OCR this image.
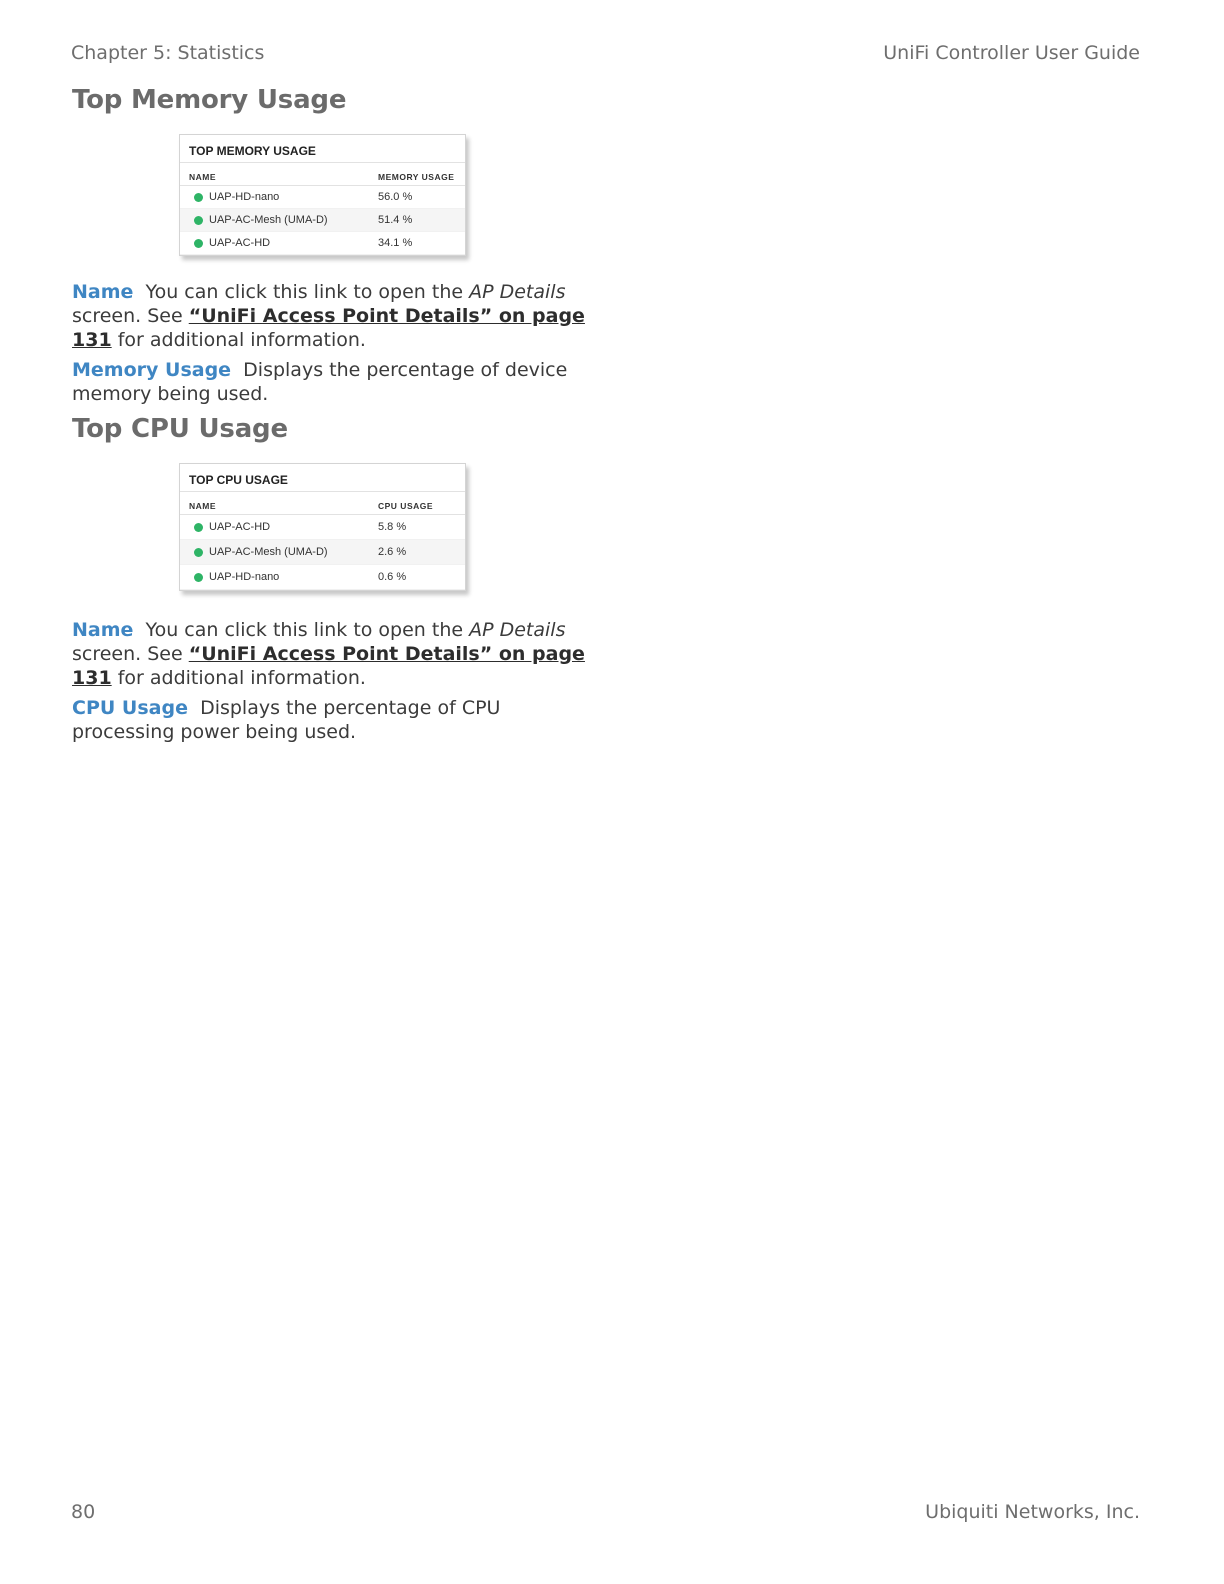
Chapter 5: Statistics	UniFi Controller User Guide
Top Memory Usage
TOP MEMORY USAGE
NAME	MEMORY USAGE
UAP-HD-nano	56.0 %
UAP-AC-Mesh (UMA-D)	51.4 %
UAP-AC-HD	34.1 %

Name You can click this link to open the AP Details screen. See “UniFi Access Point Details” on page 131 for additional information.

Memory Usage Displays the percentage of device memory being used.

Top CPU Usage
TOP CPU USAGE
NAME	CPU USAGE
UAP-AC-HD	5.8 %
UAP-AC-Mesh (UMA-D)	2.6 %
UAP-HD-nano	0.6 %

Name You can click this link to open the AP Details screen. See “UniFi Access Point Details” on page 131 for additional information.

CPU Usage Displays the percentage of CPU processing power being used.

80	Ubiquiti Networks, Inc.
